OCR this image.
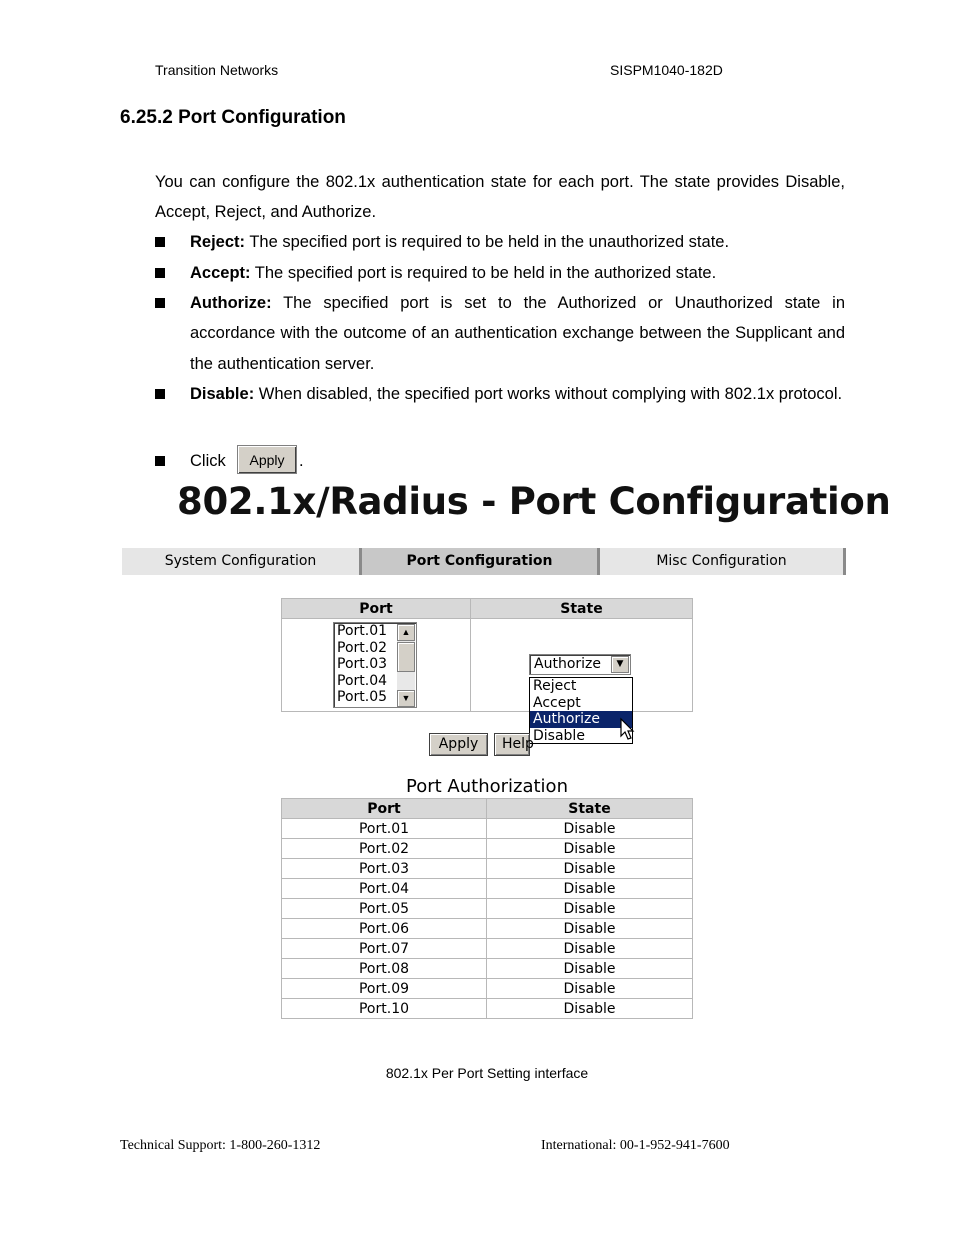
Transition Networks	SISPM1040-182D
6.25.2 Port Configuration
You can configure the 802.1x authentication state for each port. The state provides Disable, Accept, Reject, and Authorize.
Reject: The specified port is required to be held in the unauthorized state.
Accept: The specified port is required to be held in the authorized state.
Authorize: The specified port is set to the Authorized or Unauthorized state in accordance with the outcome of an authentication exchange between the Supplicant and the authentication server.
Disable: When disabled, the specified port works without complying with 802.1x protocol.
Click	Apply .
802.1x/Radius - Port Configuration
System Configuration	Port Configuration	Misc Configuration
Port	State

Port.01
Port.02
Port.03
Port.04
Port.05
▲
▼
Authorize	▼
Reject
Accept
Authorize
Disable
Apply	Help
Port Authorization
Port	State
Port.01	Disable
Port.02	Disable
Port.03	Disable
Port.04	Disable
Port.05	Disable
Port.06	Disable
Port.07	Disable
Port.08	Disable
Port.09	Disable
Port.10	Disable
802.1x Per Port Setting interface
Technical Support: 1-800-260-1312	International: 00-1-952-941-7600
